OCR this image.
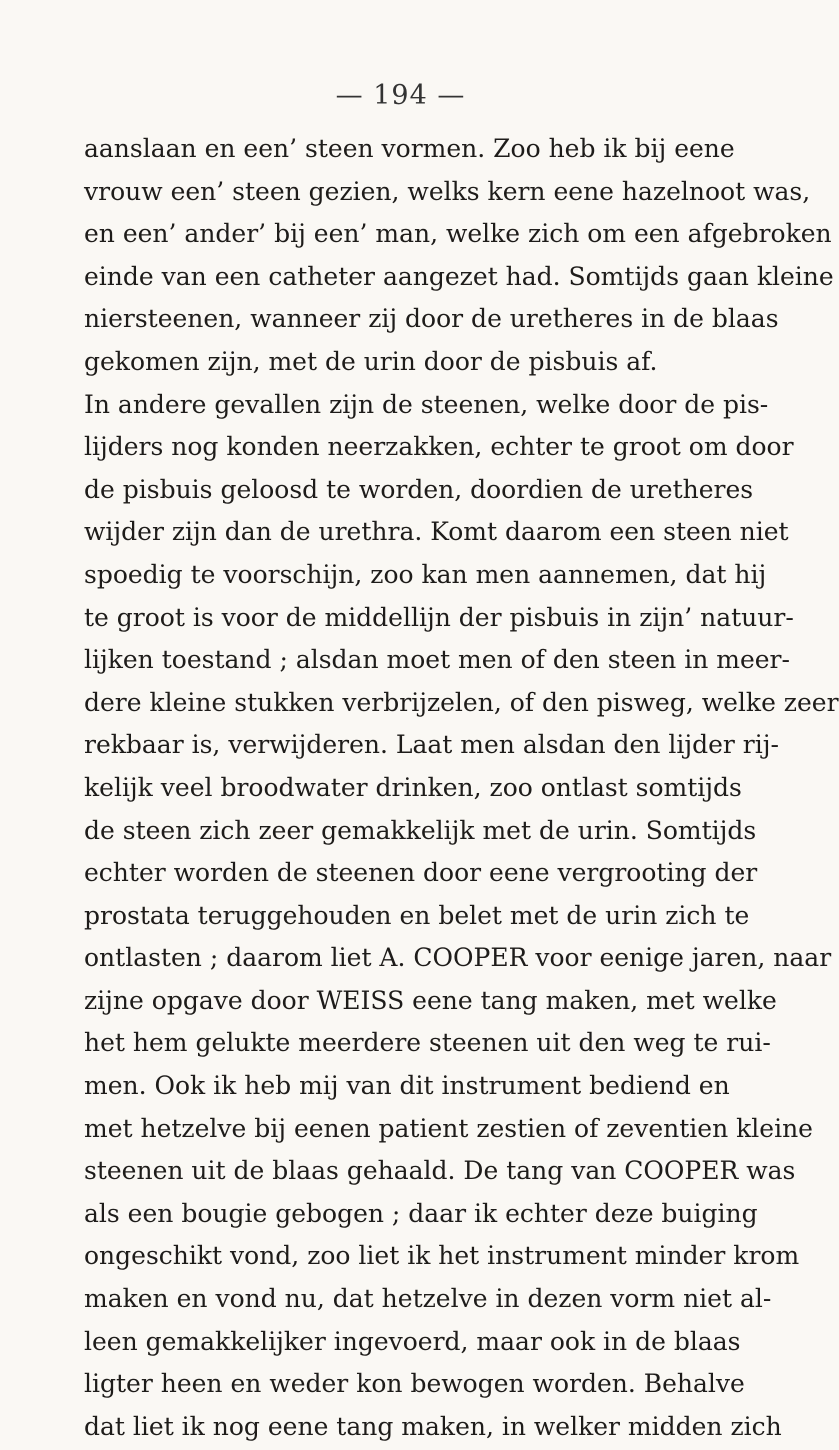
— 194 —
aanslaan en een’ steen vormen. Zoo heb ik bij eene
vrouw een’ steen gezien, welks kern eene hazelnoot was,
en een’ ander’ bij een’ man, welke zich om een afgebroken
einde van een catheter aangezet had. Somtijds gaan kleine
niersteenen, wanneer zij door de uretheres in de blaas
gekomen zijn, met de urin door de pisbuis af.
In andere gevallen zijn de steenen, welke door de pis-
lijders nog konden neerzakken, echter te groot om door
de pisbuis geloosd te worden, doordien de uretheres
wijder zijn dan de urethra. Komt daarom een steen niet
spoedig te voorschijn, zoo kan men aannemen, dat hij
te groot is voor de middellijn der pisbuis in zijn’ natuur-
lijken toestand ; alsdan moet men of den steen in meer-
dere kleine stukken verbrijzelen, of den pisweg, welke zeer
rekbaar is, verwijderen. Laat men alsdan den lijder rij-
kelijk veel broodwater drinken, zoo ontlast somtijds
de steen zich zeer gemakkelijk met de urin. Somtijds
echter worden de steenen door eene vergrooting der
prostata teruggehouden en belet met de urin zich te
ontlasten ; daarom liet A. COOPER voor eenige jaren, naar
zijne opgave door WEISS eene tang maken, met welke
het hem gelukte meerdere steenen uit den weg te rui-
men. Ook ik heb mij van dit instrument bediend en
met hetzelve bij eenen patient zestien of zeventien kleine
steenen uit de blaas gehaald. De tang van COOPER was
als een bougie gebogen ; daar ik echter deze buiging
ongeschikt vond, zoo liet ik het instrument minder krom
maken en vond nu, dat hetzelve in dezen vorm niet al-
leen gemakkelijker ingevoerd, maar ook in de blaas
ligter heen en weder kon bewogen worden. Behalve
dat liet ik nog eene tang maken, in welker midden zich
